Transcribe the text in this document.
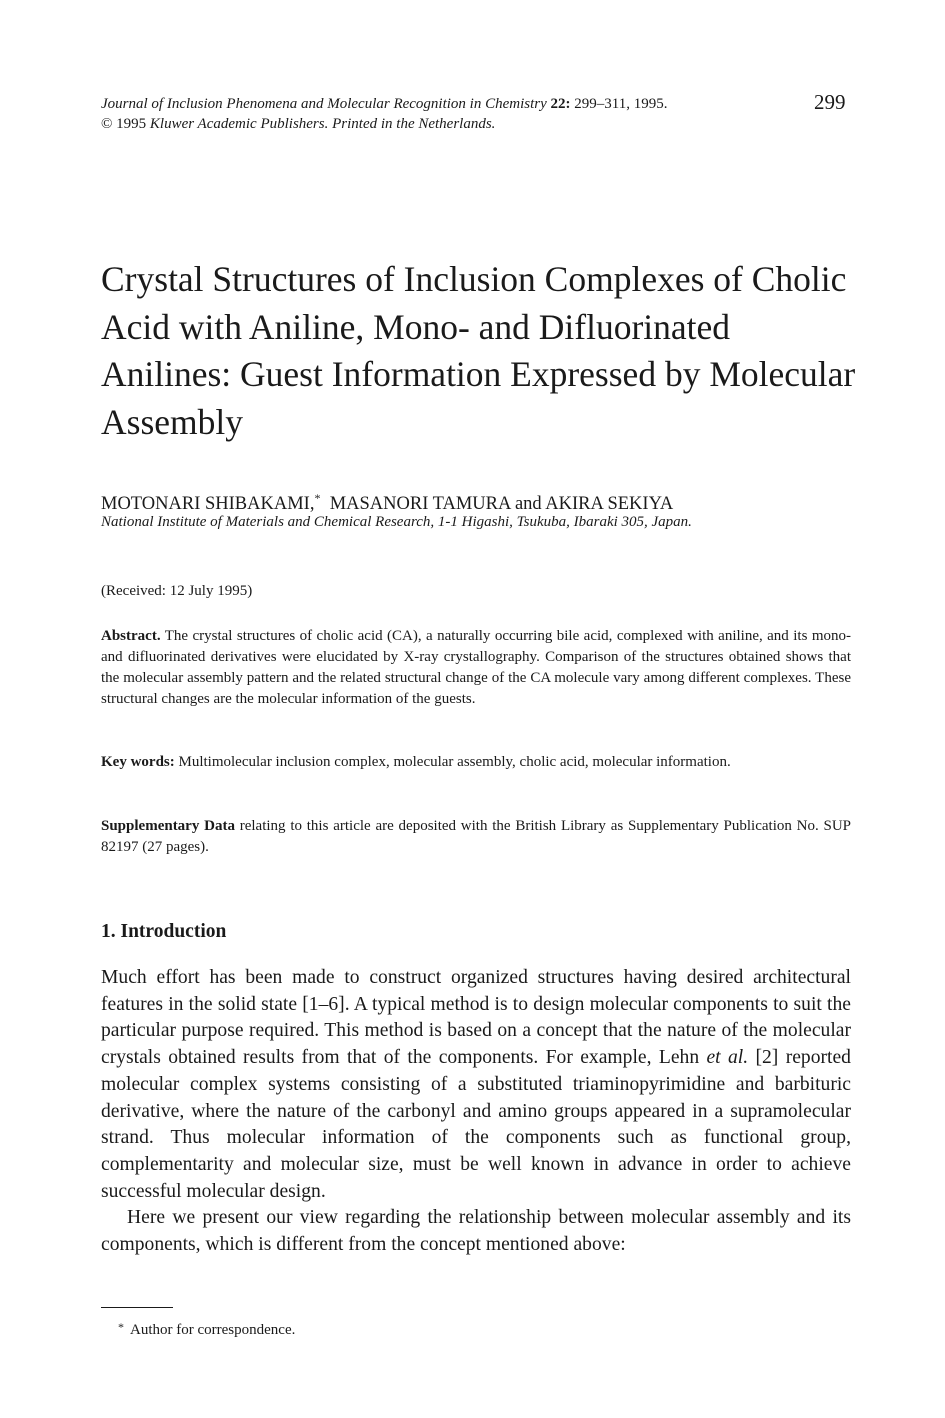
Journal of Inclusion Phenomena and Molecular Recognition in Chemistry 22: 299–311, 1995.
© 1995 Kluwer Academic Publishers. Printed in the Netherlands.
299
Crystal Structures of Inclusion Complexes of Cholic Acid with Aniline, Mono- and Difluorinated Anilines: Guest Information Expressed by Molecular Assembly
MOTONARI SHIBAKAMI,* MASANORI TAMURA and AKIRA SEKIYA
National Institute of Materials and Chemical Research, 1-1 Higashi, Tsukuba, Ibaraki 305, Japan.
(Received: 12 July 1995)
Abstract. The crystal structures of cholic acid (CA), a naturally occurring bile acid, complexed with aniline, and its mono- and difluorinated derivatives were elucidated by X-ray crystallography. Comparison of the structures obtained shows that the molecular assembly pattern and the related structural change of the CA molecule vary among different complexes. These structural changes are the molecular information of the guests.
Key words: Multimolecular inclusion complex, molecular assembly, cholic acid, molecular information.
Supplementary Data relating to this article are deposited with the British Library as Supplementary Publication No. SUP 82197 (27 pages).
1. Introduction

Much effort has been made to construct organized structures having desired architectural features in the solid state [1–6]. A typical method is to design molecular components to suit the particular purpose required. This method is based on a concept that the nature of the molecular crystals obtained results from that of the components. For example, Lehn et al. [2] reported molecular complex systems consisting of a substituted triaminopyrimidine and barbituric derivative, where the nature of the carbonyl and amino groups appeared in a supramolecular strand. Thus molecular information of the components such as functional group, complementarity and molecular size, must be well known in advance in order to achieve successful molecular design.

Here we present our view regarding the relationship between molecular assembly and its components, which is different from the concept mentioned above:

* Author for correspondence.
